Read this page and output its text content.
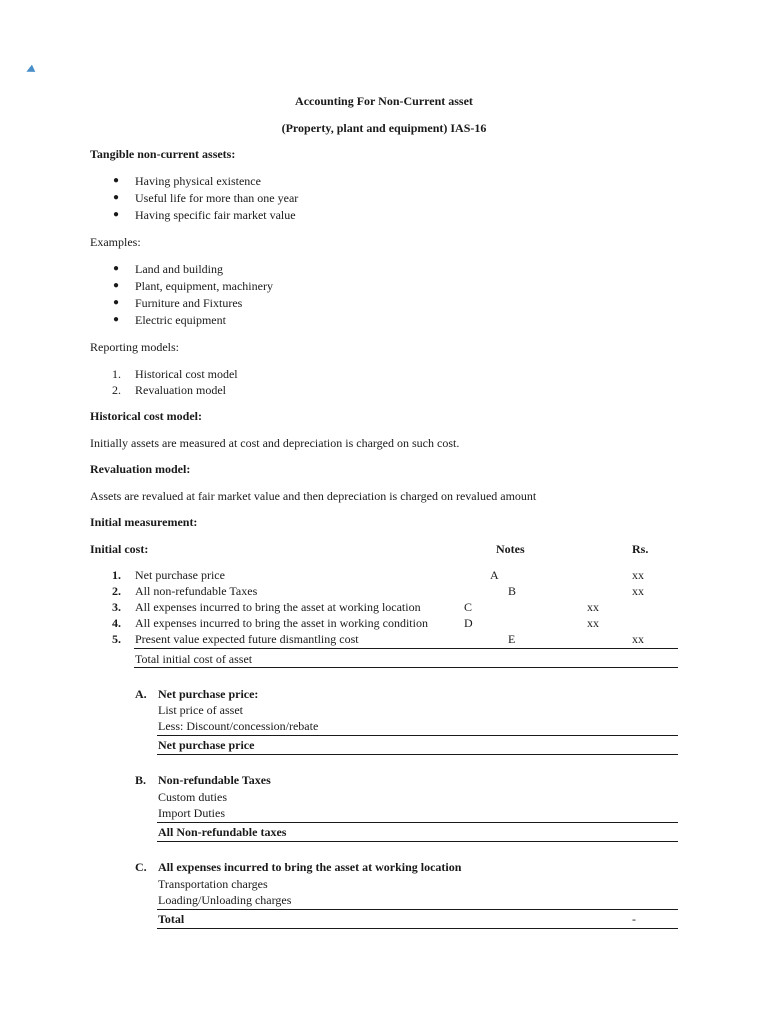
Accounting For Non-Current asset
(Property, plant and equipment) IAS-16
Tangible non-current assets:
● Having physical existence
● Useful life for more than one year
● Having specific fair market value
Examples:
● Land and building
● Plant, equipment, machinery
● Furniture and Fixtures
● Electric equipment
Reporting models:
1. Historical cost model
2. Revaluation model
Historical cost model:
Initially assets are measured at cost and depreciation is charged on such cost.
Revaluation model:
Assets are revalued at fair market value and then depreciation is charged on revalued amount
Initial measurement:
Initial cost:	Notes	Rs.
1. Net purchase price	A	xx
2. All non-refundable Taxes	B	xx
3. All expenses incurred to bring the asset at working location	C	xx
4. All expenses incurred to bring the asset in working condition	D	xx
5. Present value expected future dismantling cost	E	xx
Total initial cost of asset
A. Net purchase price:
List price of asset
Less: Discount/concession/rebate
Net purchase price
B. Non-refundable Taxes
Custom duties
Import Duties
All Non-refundable taxes
C. All expenses incurred to bring the asset at working location
Transportation charges
Loading/Unloading charges
Total	-
